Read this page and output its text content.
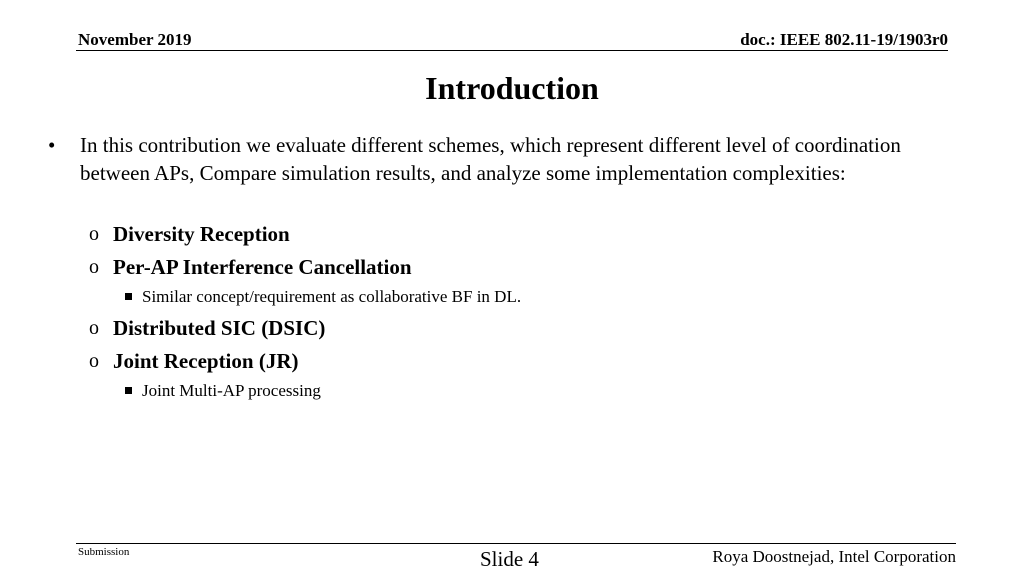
November 2019	doc.: IEEE 802.11-19/1903r0
Introduction
• In this contribution we evaluate different schemes, which represent different level of coordination between APs, Compare simulation results, and analyze some implementation complexities:
o Diversity Reception
o Per-AP Interference Cancellation
Similar concept/requirement as collaborative BF in DL.
o Distributed SIC (DSIC)
o Joint Reception (JR)
Joint Multi-AP processing
Submission	Slide 4	Roya Doostnejad, Intel Corporation
